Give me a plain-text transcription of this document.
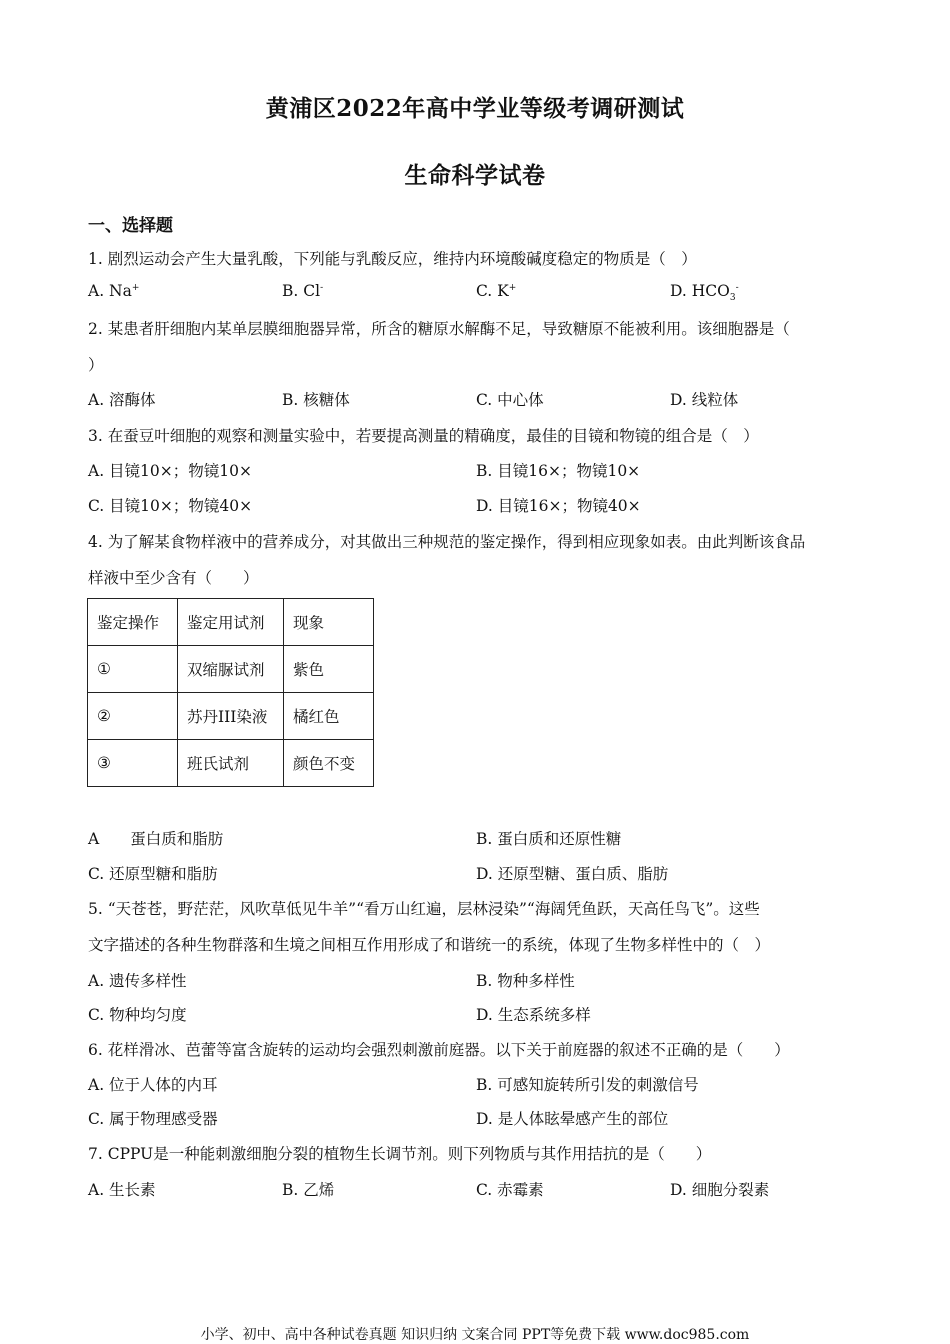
黄浦区2022年高中学业等级考调研测试
生命科学试卷
一、选择题
1. 剧烈运动会产生大量乳酸，下列能与乳酸反应，维持内环境酸碱度稳定的物质是（　）
A. Na+	B. Cl-	C. K+	D. $HCO_3^-$
2. 某患者肝细胞内某单层膜细胞器异常，所含的糖原水解酶不足，导致糖原不能被利用。该细胞器是（
）
A. 溶酶体	B. 核糖体	C. 中心体	D. 线粒体
3. 在蚕豆叶细胞的观察和测量实验中，若要提高测量的精确度，最佳的目镜和物镜的组合是（　）
A. 目镜10×；物镜10×	B. 目镜16×；物镜10×
C. 目镜10×；物镜40×	D. 目镜16×；物镜40×
4. 为了解某食物样液中的营养成分，对其做出三种规范的鉴定操作，得到相应现象如表。由此判断该食品
样液中至少含有（　　）
鉴定操作	鉴定用试剂	现象
①	双缩脲试剂	紫色
②	苏丹III染液	橘红色
③	班氏试剂	颜色不变
A　　蛋白质和脂肪	B. 蛋白质和还原性糖
C. 还原型糖和脂肪	D. 还原型糖、蛋白质、脂肪
5. “天苍苍，野茫茫，风吹草低见牛羊”“看万山红遍，层林浸染”“海阔凭鱼跃，天高任鸟飞”。这些
文字描述的各种生物群落和生境之间相互作用形成了和谐统一的系统，体现了生物多样性中的（　）
A. 遗传多样性	B. 物种多样性
C. 物种均匀度	D. 生态系统多样
6. 花样滑冰、芭蕾等富含旋转的运动均会强烈刺激前庭器。以下关于前庭器的叙述不正确的是（　　）
A. 位于人体的内耳	B. 可感知旋转所引发的刺激信号
C. 属于物理感受器	D. 是人体眩晕感产生的部位
7. CPPU是一种能刺激细胞分裂的植物生长调节剂。则下列物质与其作用拮抗的是（　　）
A. 生长素	B. 乙烯	C. 赤霉素	D. 细胞分裂素
小学、初中、高中各种试卷真题 知识归纳 文案合同 PPT等免费下载 www.doc985.com
